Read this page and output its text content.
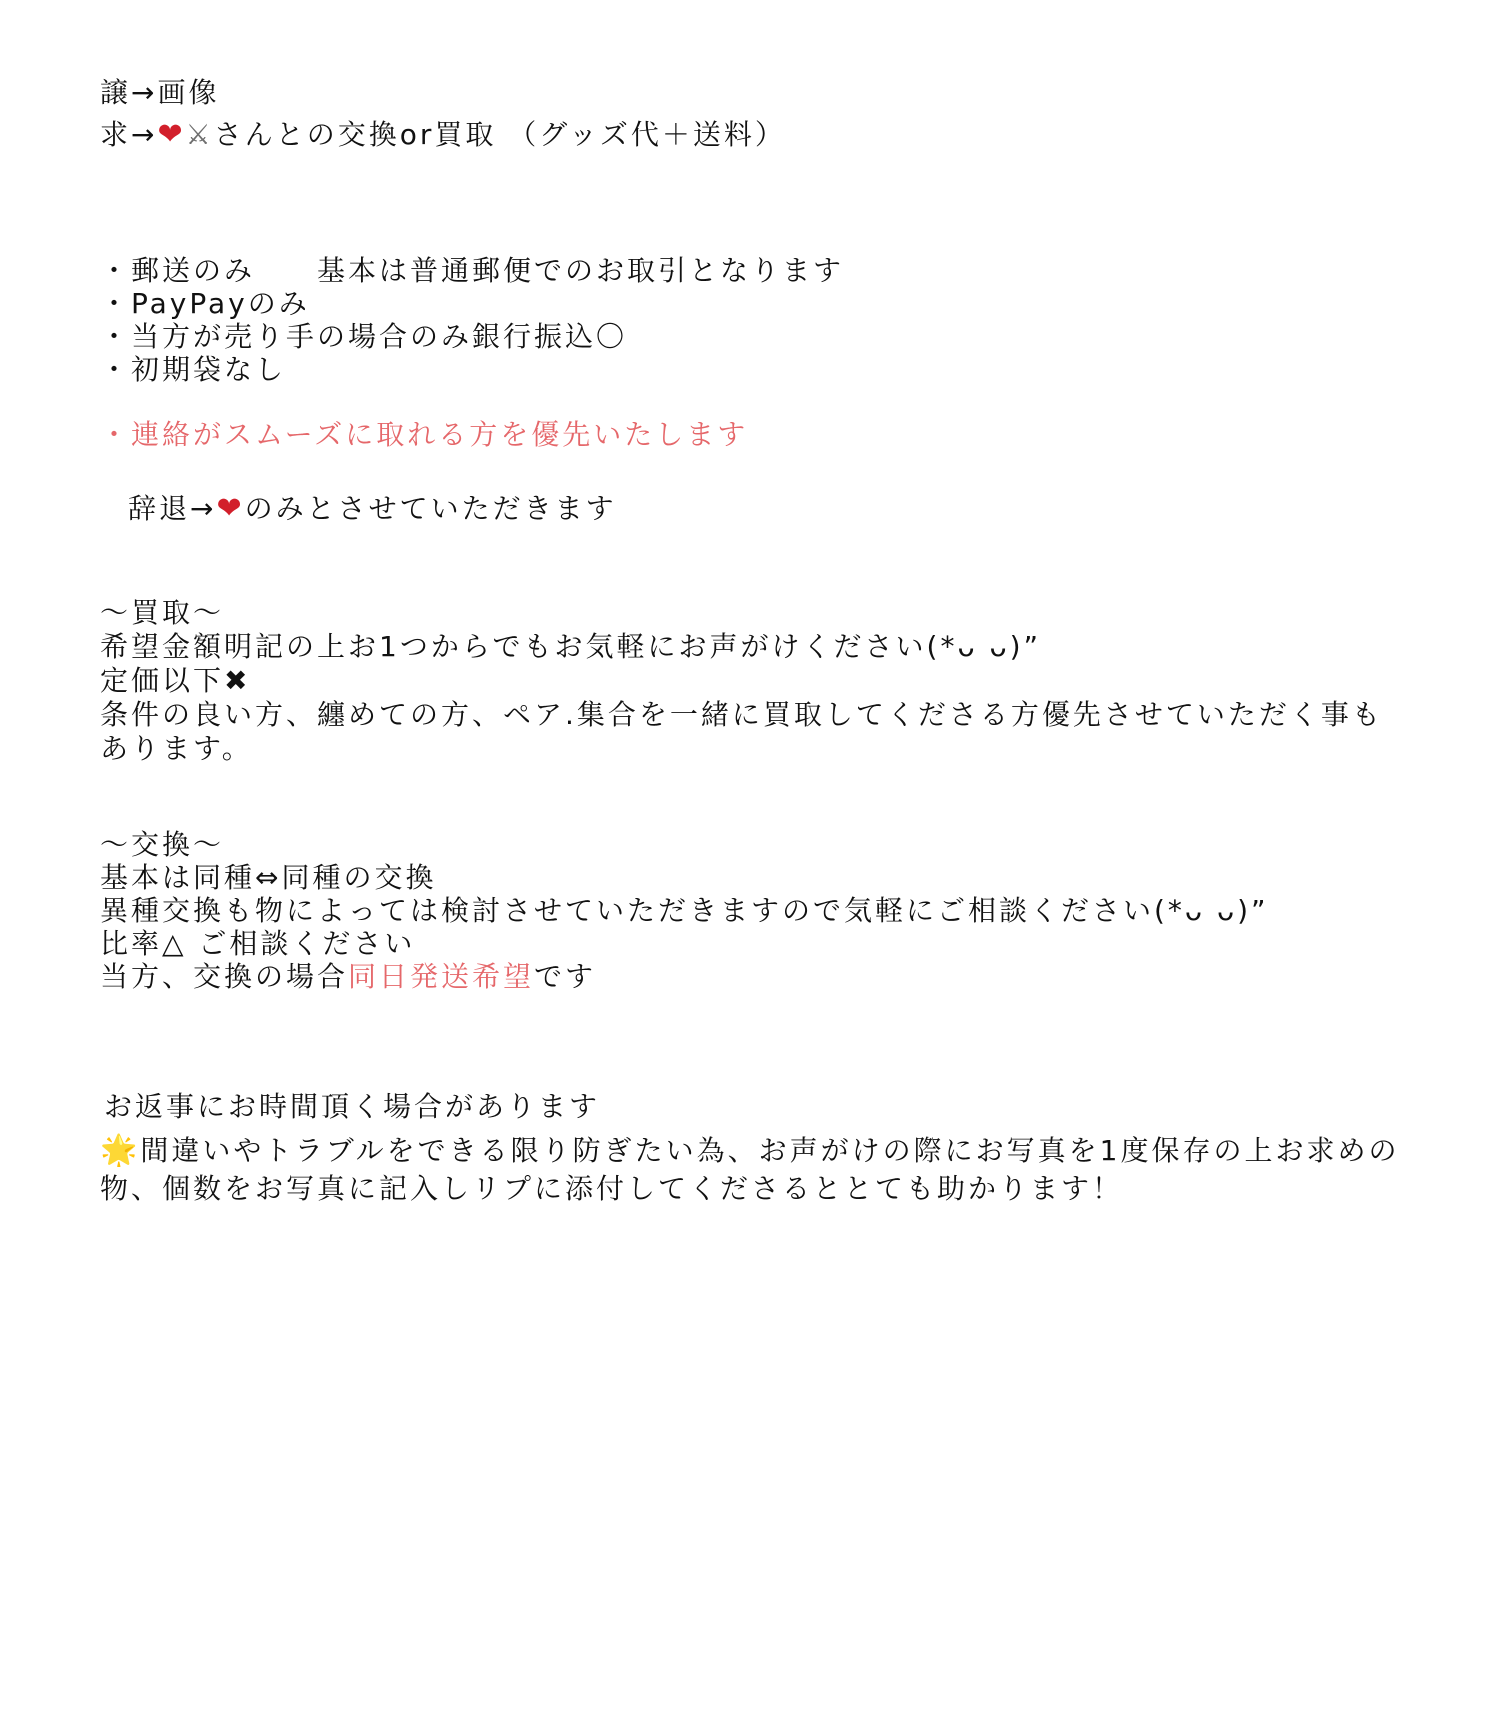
譲→画像
求→❤⚔さんとの交換or買取 （グッズ代＋送料）
・郵送のみ　　基本は普通郵便でのお取引となります
・PayPayのみ
・当方が売り手の場合のみ銀行振込〇
・初期袋なし
・連絡がスムーズに取れる方を優先いたします
辞退→❤のみとさせていただきます
〜買取〜
希望金額明記の上お1つからでもお気軽にお声がけください(*ᴗ ᴗ)”
定価以下✖
条件の良い方、纏めての方、ペア.集合を一緒に買取してくださる方優先させていただく事もあります。
〜交換〜
基本は同種⇔同種の交換
異種交換も物によっては検討させていただきますので気軽にご相談ください(*ᴗ ᴗ)”
比率△ ご相談ください
当方、交換の場合同日発送希望です
お返事にお時間頂く場合があります
🌟間違いやトラブルをできる限り防ぎたい為、お声がけの際にお写真を1度保存の上お求めの物、個数をお写真に記入しリプに添付してくださるととても助かります！
